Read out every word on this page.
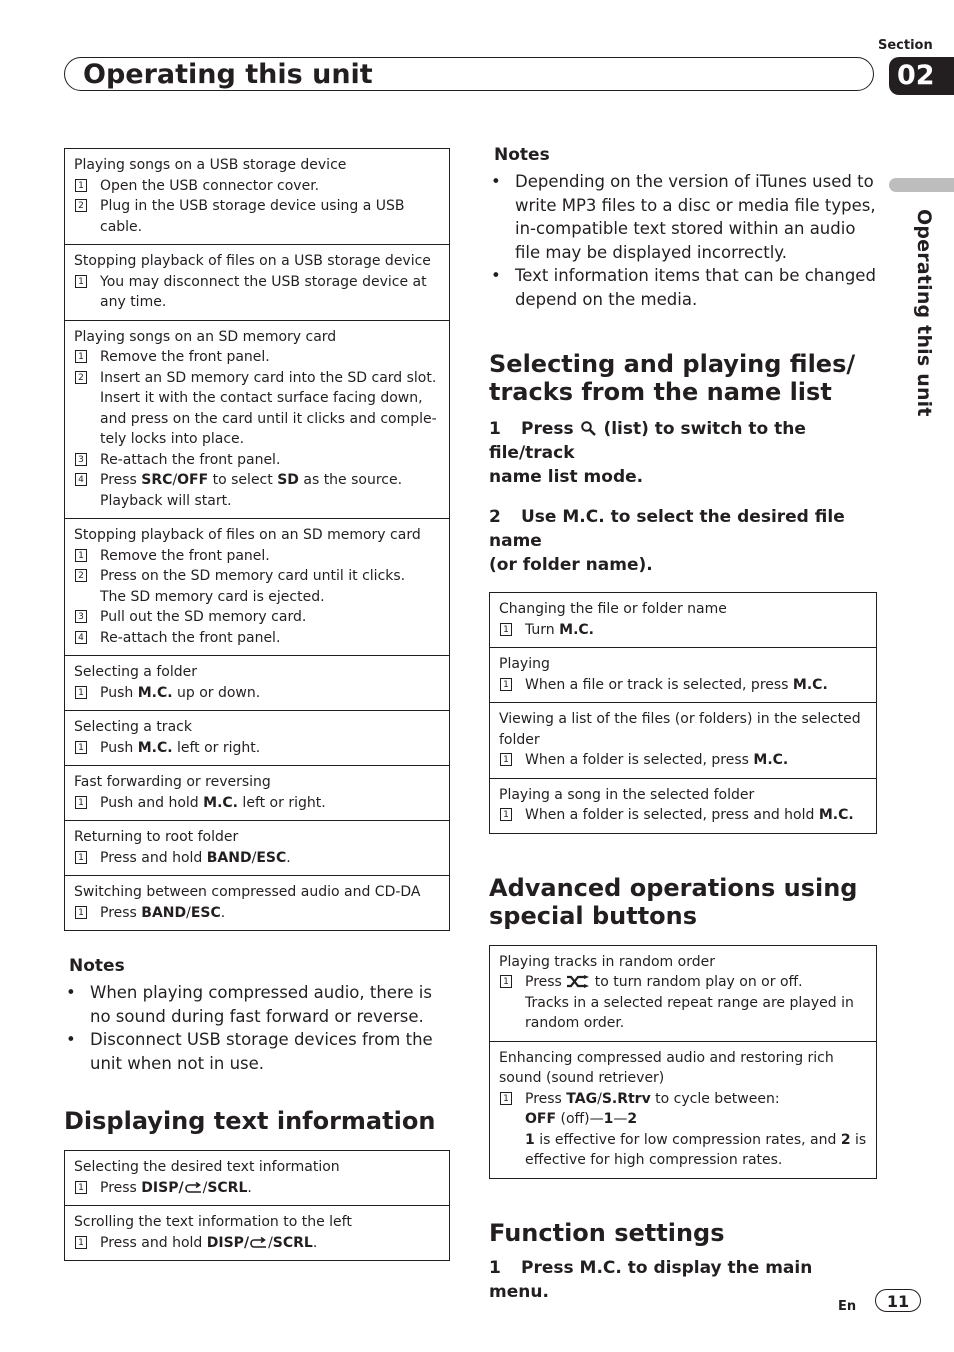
Section
02
Operating this unit
Operating this unit
Playing songs on a USB storage device
1 Open the USB connector cover.
2 Plug in the USB storage device using a USB
cable.
Stopping playback of files on a USB storage device
1 You may disconnect the USB storage device at
any time.
Playing songs on an SD memory card
1 Remove the front panel.
2 Insert an SD memory card into the SD card slot.
Insert it with the contact surface facing down,
and press on the card until it clicks and comple-
tely locks into place.
3 Re-attach the front panel.
4 Press SRC/OFF to select SD as the source.
Playback will start.
Stopping playback of files on an SD memory card
1 Remove the front panel.
2 Press on the SD memory card until it clicks.
The SD memory card is ejected.
3 Pull out the SD memory card.
4 Re-attach the front panel.
Selecting a folder
1 Push M.C. up or down.
Selecting a track
1 Push M.C. left or right.
Fast forwarding or reversing
1 Push and hold M.C. left or right.
Returning to root folder
1 Press and hold BAND/ESC.
Switching between compressed audio and CD-DA
1 Press BAND/ESC.
Notes
• When playing compressed audio, there is no sound during fast forward or reverse.
• Disconnect USB storage devices from the unit when not in use.
Displaying text information
Selecting the desired text information
1 Press DISP/ /SCRL.
Scrolling the text information to the left
1 Press and hold DISP/ /SCRL.
Notes
• Depending on the version of iTunes used to write MP3 files to a disc or media file types, in-compatible text stored within an audio file may be displayed incorrectly.
• Text information items that can be changed depend on the media.
Selecting and playing files/
tracks from the name list
1 Press  (list) to switch to the file/track
name list mode.
2 Use M.C. to select the desired file name
(or folder name).
Changing the file or folder name
1 Turn M.C.
Playing
1 When a file or track is selected, press M.C.
Viewing a list of the files (or folders) in the selected folder
1 When a folder is selected, press M.C.
Playing a song in the selected folder
1 When a folder is selected, press and hold M.C.
Advanced operations using
special buttons
Playing tracks in random order
1 Press  to turn random play on or off.
Tracks in a selected repeat range are played in random order.
Enhancing compressed audio and restoring rich sound (sound retriever)
1 Press TAG/S.Rtrv to cycle between:
OFF (off)—1—2
1 is effective for low compression rates, and 2 is effective for high compression rates.
Function settings
1 Press M.C. to display the main menu.
En	11
